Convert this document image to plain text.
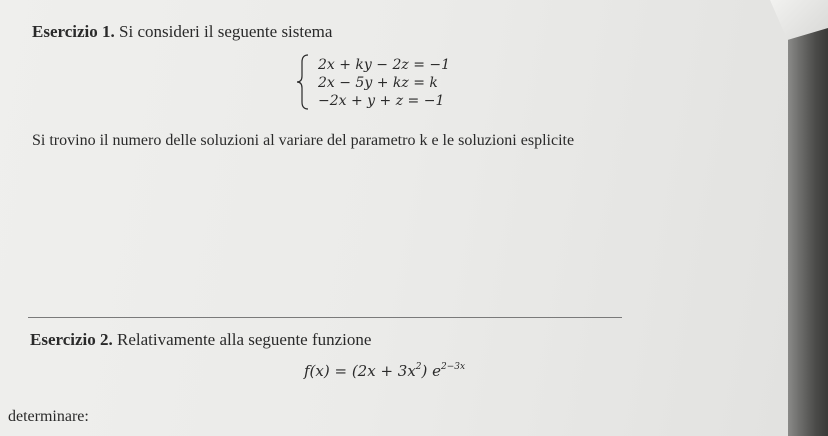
Esercizio 1. Si consideri il seguente sistema
2x + ky − 2z = −1
2x − 5y + kz = k
−2x + y + z = −1
Si trovino il numero delle soluzioni al variare del parametro k e le soluzioni esplicite
Esercizio 2. Relativamente alla seguente funzione
$f(x) = (2x + 3x^2)$ $e^{2-3x}$
determinare:
